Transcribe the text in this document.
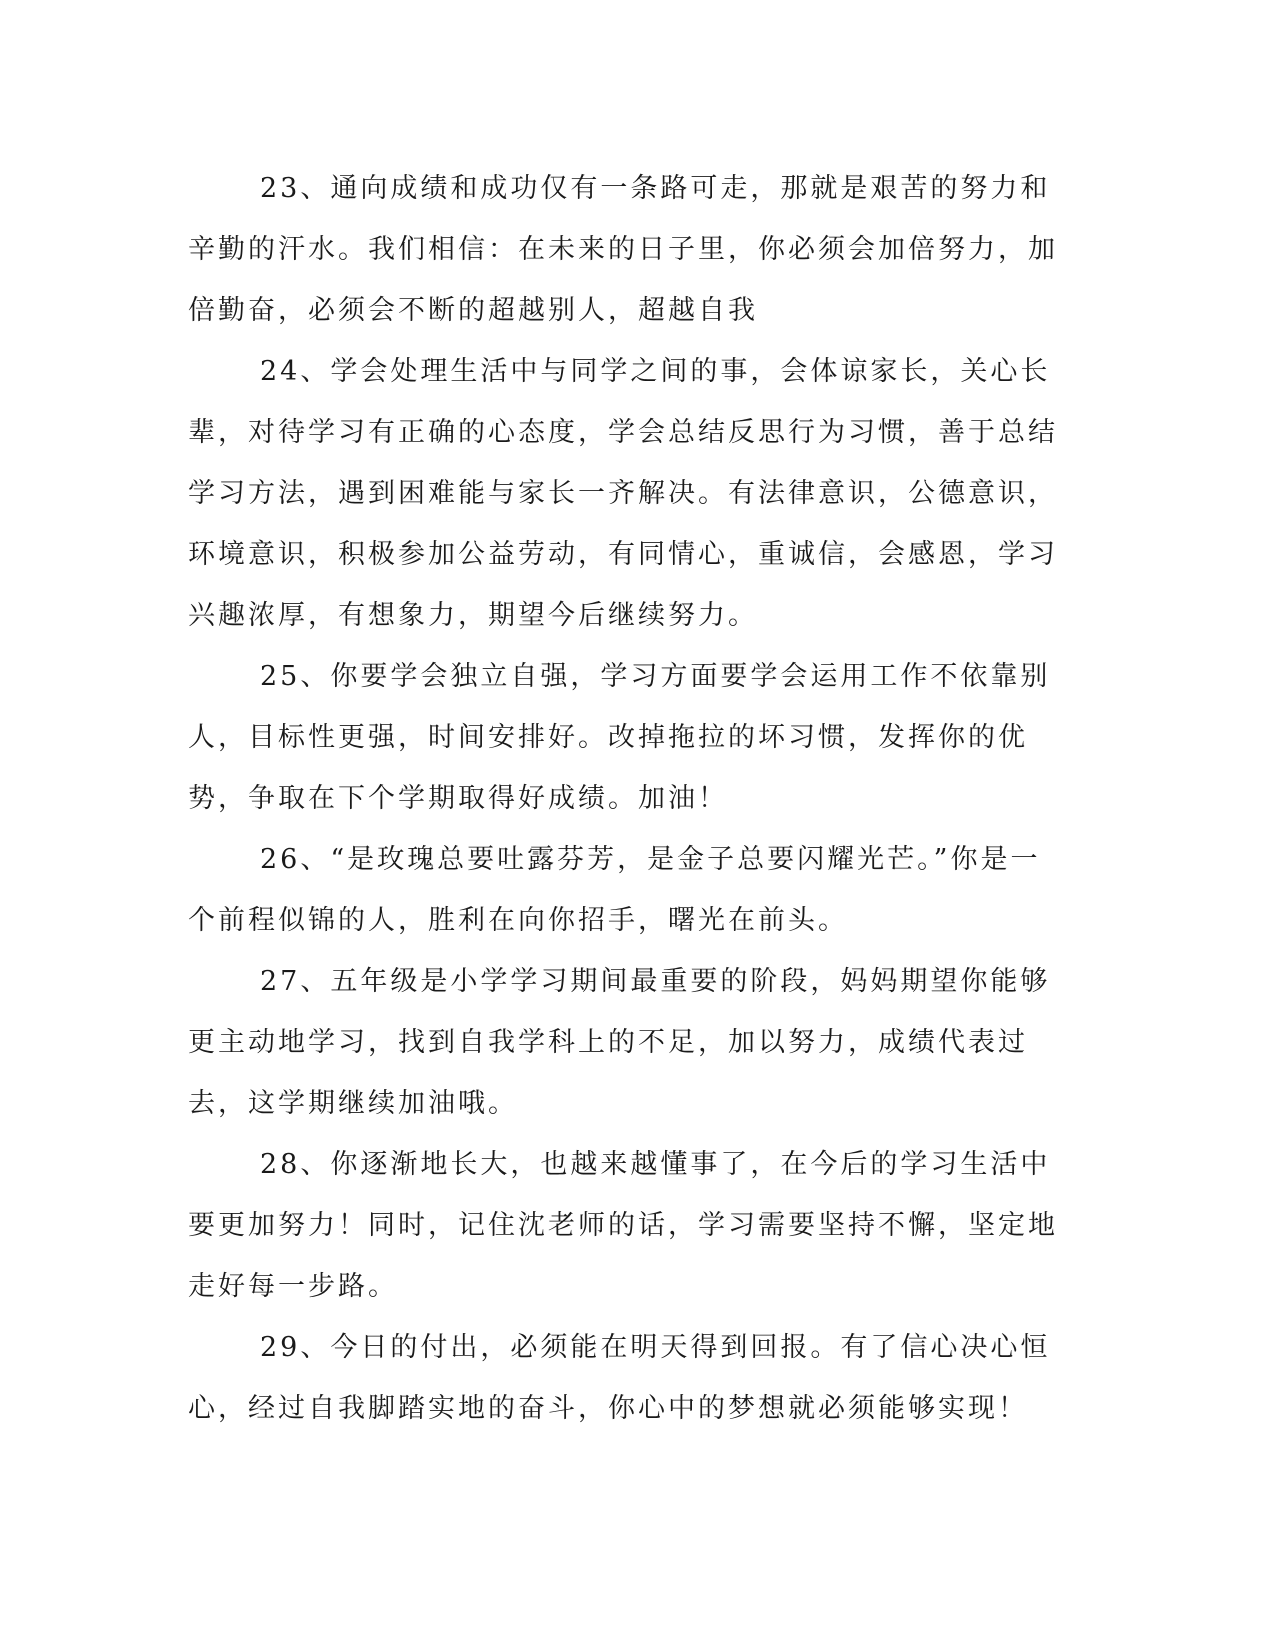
23、通向成绩和成功仅有一条路可走，那就是艰苦的努力和辛勤的汗水。我们相信：在未来的日子里，你必须会加倍努力，加倍勤奋，必须会不断的超越别人，超越自我

24、学会处理生活中与同学之间的事，会体谅家长，关心长辈，对待学习有正确的心态度，学会总结反思行为习惯，善于总结学习方法，遇到困难能与家长一齐解决。有法律意识，公德意识，环境意识，积极参加公益劳动，有同情心，重诚信，会感恩，学习兴趣浓厚，有想象力，期望今后继续努力。

25、你要学会独立自强，学习方面要学会运用工作不依靠别人，目标性更强，时间安排好。改掉拖拉的坏习惯，发挥你的优势，争取在下个学期取得好成绩。加油！

26、“是玫瑰总要吐露芬芳，是金子总要闪耀光芒。”你是一个前程似锦的人，胜利在向你招手，曙光在前头。

27、五年级是小学学习期间最重要的阶段，妈妈期望你能够更主动地学习，找到自我学科上的不足，加以努力，成绩代表过去，这学期继续加油哦。

28、你逐渐地长大，也越来越懂事了，在今后的学习生活中要更加努力！同时，记住沈老师的话，学习需要坚持不懈，坚定地走好每一步路。

29、今日的付出，必须能在明天得到回报。有了信心决心恒心，经过自我脚踏实地的奋斗，你心中的梦想就必须能够实现！
